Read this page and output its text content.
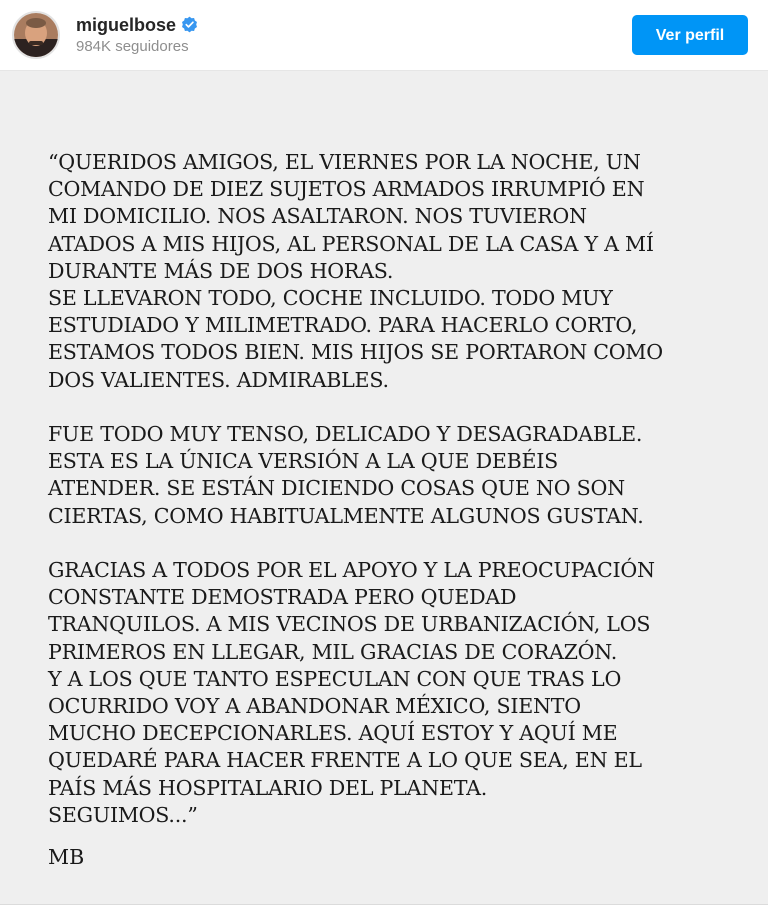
miguelbose
984K seguidores
Ver perfil

“QUERIDOS AMIGOS, EL VIERNES POR LA NOCHE, UN
COMANDO DE DIEZ SUJETOS ARMADOS IRRUMPIÓ EN
MI DOMICILIO. NOS ASALTARON. NOS TUVIERON
ATADOS A MIS HIJOS, AL PERSONAL DE LA CASA Y A MÍ
DURANTE MÁS DE DOS HORAS.
SE LLEVARON TODO, COCHE INCLUIDO. TODO MUY
ESTUDIADO Y MILIMETRADO. PARA HACERLO CORTO,
ESTAMOS TODOS BIEN. MIS HIJOS SE PORTARON COMO
DOS VALIENTES. ADMIRABLES.

FUE TODO MUY TENSO, DELICADO Y DESAGRADABLE.
ESTA ES LA ÚNICA VERSIÓN A LA QUE DEBÉIS
ATENDER. SE ESTÁN DICIENDO COSAS QUE NO SON
CIERTAS, COMO HABITUALMENTE ALGUNOS GUSTAN.

GRACIAS A TODOS POR EL APOYO Y LA PREOCUPACIÓN
CONSTANTE DEMOSTRADA PERO QUEDAD
TRANQUILOS. A MIS VECINOS DE URBANIZACIÓN, LOS
PRIMEROS EN LLEGAR, MIL GRACIAS DE CORAZÓN.
Y A LOS QUE TANTO ESPECULAN CON QUE TRAS LO
OCURRIDO VOY A ABANDONAR MÉXICO, SIENTO
MUCHO DECEPCIONARLES. AQUÍ ESTOY Y AQUÍ ME
QUEDARÉ PARA HACER FRENTE A LO QUE SEA, EN EL
PAÍS MÁS HOSPITALARIO DEL PLANETA.
SEGUIMOS...”

MB
